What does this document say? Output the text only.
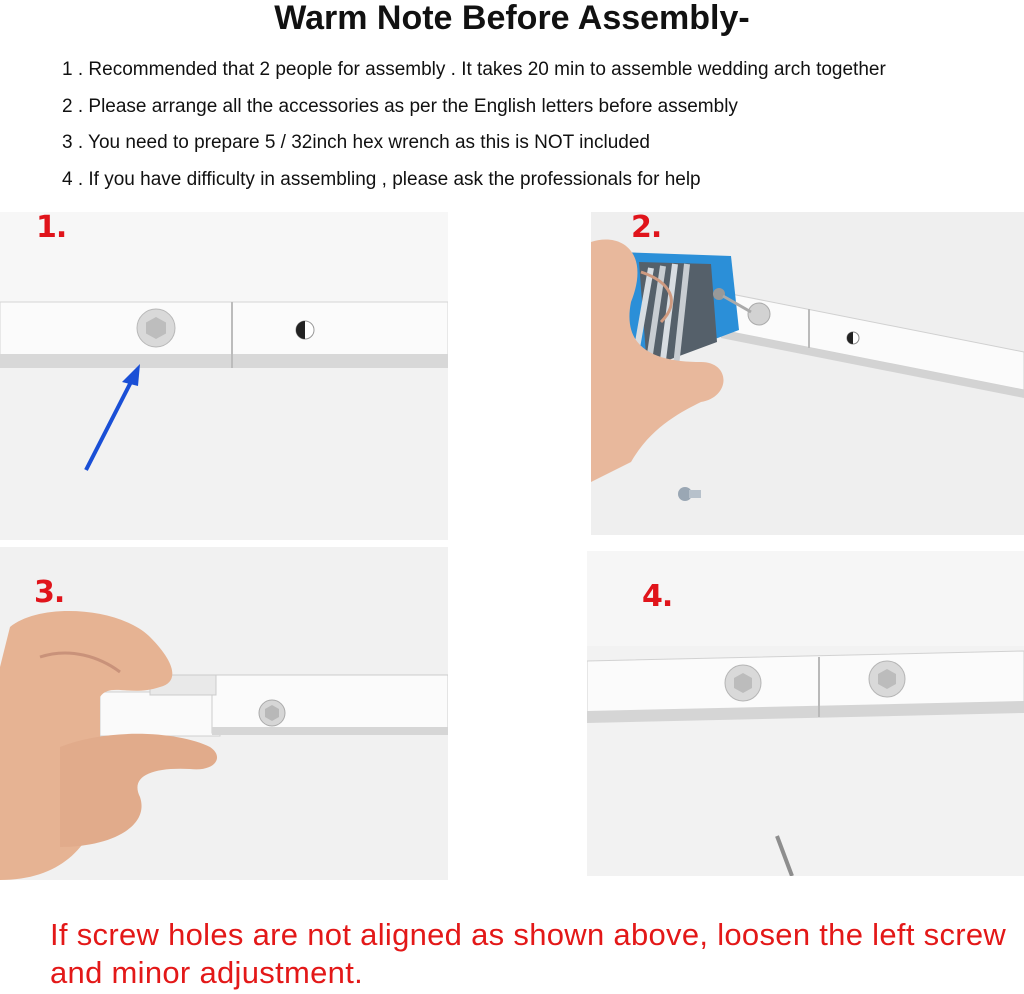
Warm Note Before Assembly-
1 . Recommended that 2 people for assembly . It takes 20 min to assemble wedding arch together
2 . Please arrange all the accessories as per the English letters before assembly
3 . You need to prepare 5 / 32inch hex wrench as this is NOT included
4 . If you have difficulty in assembling , please ask the professionals for help
1.	2.
3.	4.
If screw holes are not aligned as shown above, loosen the left screw and minor adjustment.
